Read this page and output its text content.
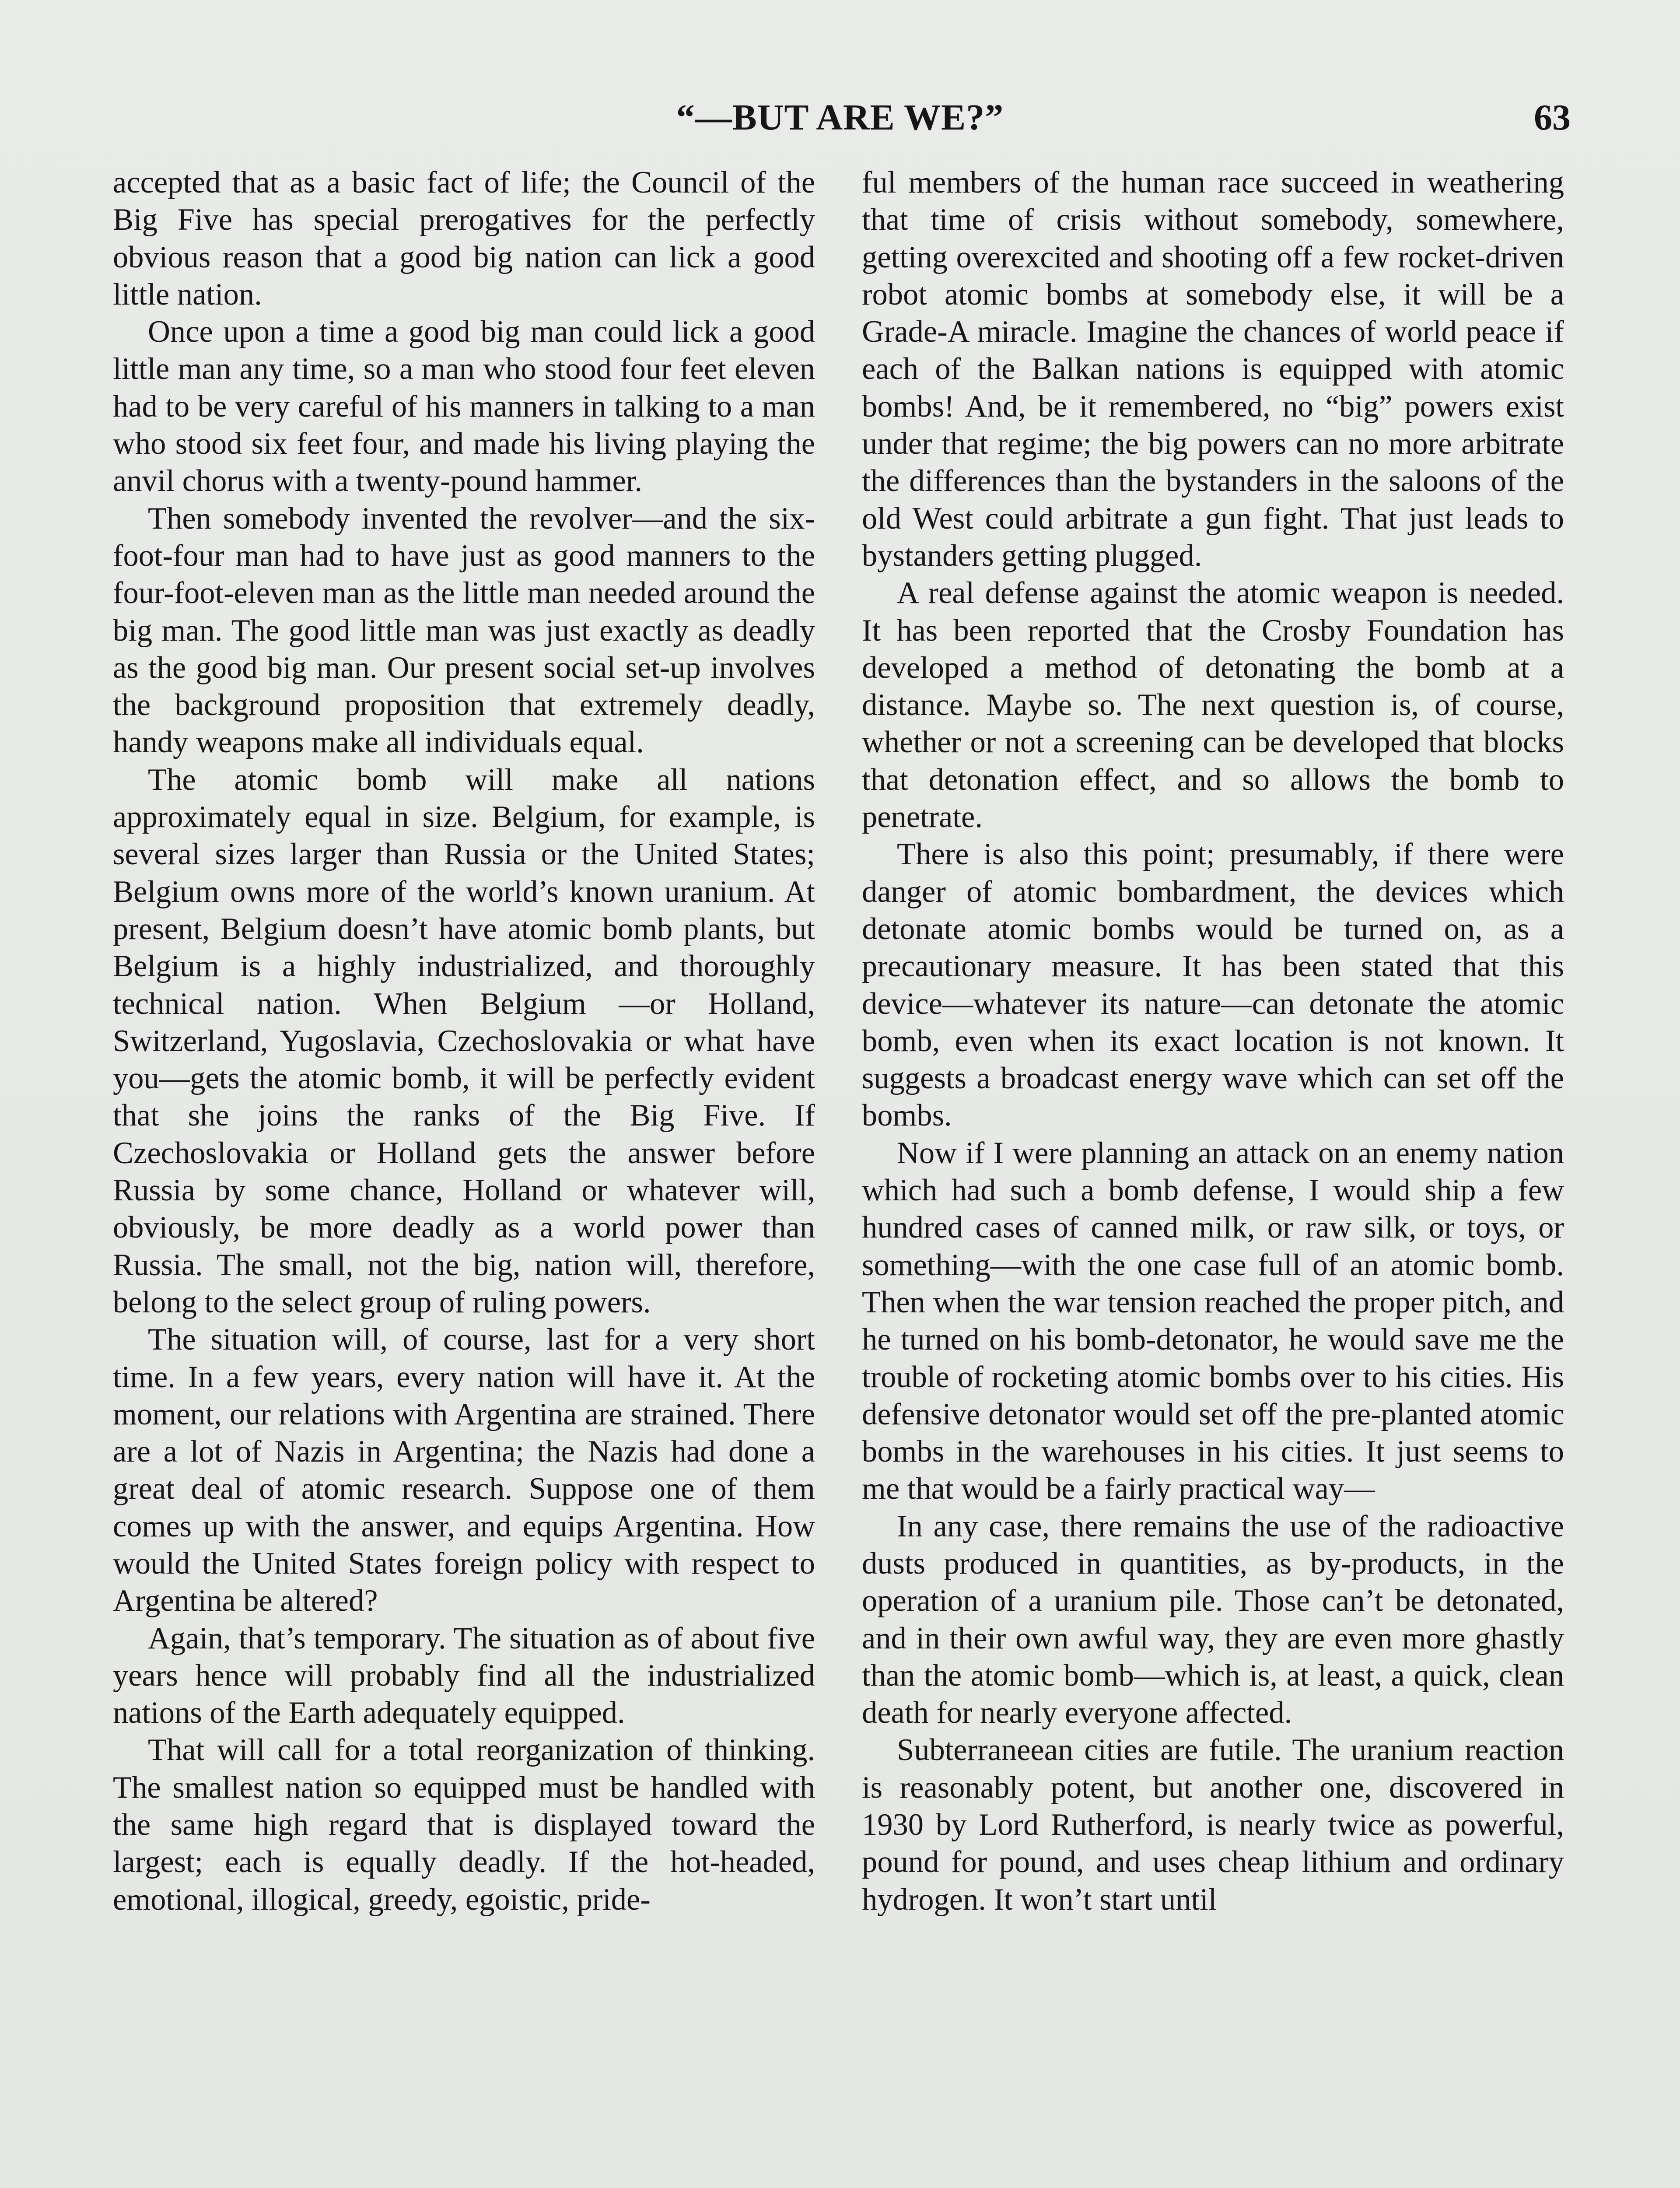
“—BUT ARE WE?”	63

accepted that as a basic fact of life; the Council of the Big Five has special prerogatives for the perfectly obvious reason that a good big nation can lick a good little nation.

Once upon a time a good big man could lick a good little man any time, so a man who stood four feet eleven had to be very careful of his manners in talking to a man who stood six feet four, and made his living playing the anvil chorus with a twenty-pound hammer.

Then somebody invented the revolver—and the six-foot-four man had to have just as good manners to the four-foot-eleven man as the little man needed around the big man. The good little man was just exactly as deadly as the good big man. Our present social set-up involves the background proposition that extremely deadly, handy weapons make all individuals equal.

The atomic bomb will make all nations approximately equal in size. Belgium, for example, is several sizes larger than Russia or the United States; Belgium owns more of the world’s known uranium. At present, Belgium doesn’t have atomic bomb plants, but Belgium is a highly industrialized, and thoroughly technical nation. When Belgium —or Holland, Switzerland, Yugoslavia, Czechoslovakia or what have you—gets the atomic bomb, it will be perfectly evident that she joins the ranks of the Big Five. If Czechoslovakia or Holland gets the answer before Russia by some chance, Holland or whatever will, obviously, be more deadly as a world power than Russia. The small, not the big, nation will, therefore, belong to the select group of ruling powers.

The situation will, of course, last for a very short time. In a few years, every nation will have it. At the moment, our relations with Argentina are strained. There are a lot of Nazis in Argentina; the Nazis had done a great deal of atomic research. Suppose one of them comes up with the answer, and equips Argentina. How would the United States foreign policy with respect to Argentina be altered?

Again, that’s temporary. The situation as of about five years hence will probably find all the industrialized nations of the Earth adequately equipped.

That will call for a total reorganization of thinking. The smallest nation so equipped must be handled with the same high regard that is displayed toward the largest; each is equally deadly. If the hot-headed, emotional, illogical, greedy, egoistic, pride-

ful members of the human race succeed in weathering that time of crisis without somebody, somewhere, getting overexcited and shooting off a few rocket-driven robot atomic bombs at somebody else, it will be a Grade-A miracle. Imagine the chances of world peace if each of the Balkan nations is equipped with atomic bombs! And, be it remembered, no “big” powers exist under that regime; the big powers can no more arbitrate the differences than the bystanders in the saloons of the old West could arbitrate a gun fight. That just leads to bystanders getting plugged.

A real defense against the atomic weapon is needed. It has been reported that the Crosby Foundation has developed a method of detonating the bomb at a distance. Maybe so. The next question is, of course, whether or not a screening can be developed that blocks that detonation effect, and so allows the bomb to penetrate.

There is also this point; presumably, if there were danger of atomic bombardment, the devices which detonate atomic bombs would be turned on, as a precautionary measure. It has been stated that this device—whatever its nature—can detonate the atomic bomb, even when its exact location is not known. It suggests a broadcast energy wave which can set off the bombs.

Now if I were planning an attack on an enemy nation which had such a bomb defense, I would ship a few hundred cases of canned milk, or raw silk, or toys, or something—with the one case full of an atomic bomb. Then when the war tension reached the proper pitch, and he turned on his bomb-detonator, he would save me the trouble of rocketing atomic bombs over to his cities. His defensive detonator would set off the pre-planted atomic bombs in the warehouses in his cities. It just seems to me that would be a fairly practical way—

In any case, there remains the use of the radioactive dusts produced in quantities, as by-products, in the operation of a uranium pile. Those can’t be detonated, and in their own awful way, they are even more ghastly than the atomic bomb—which is, at least, a quick, clean death for nearly everyone affected.

Subterraneean cities are futile. The uranium reaction is reasonably potent, but another one, discovered in 1930 by Lord Rutherford, is nearly twice as powerful, pound for pound, and uses cheap lithium and ordinary hydrogen. It won’t start until
